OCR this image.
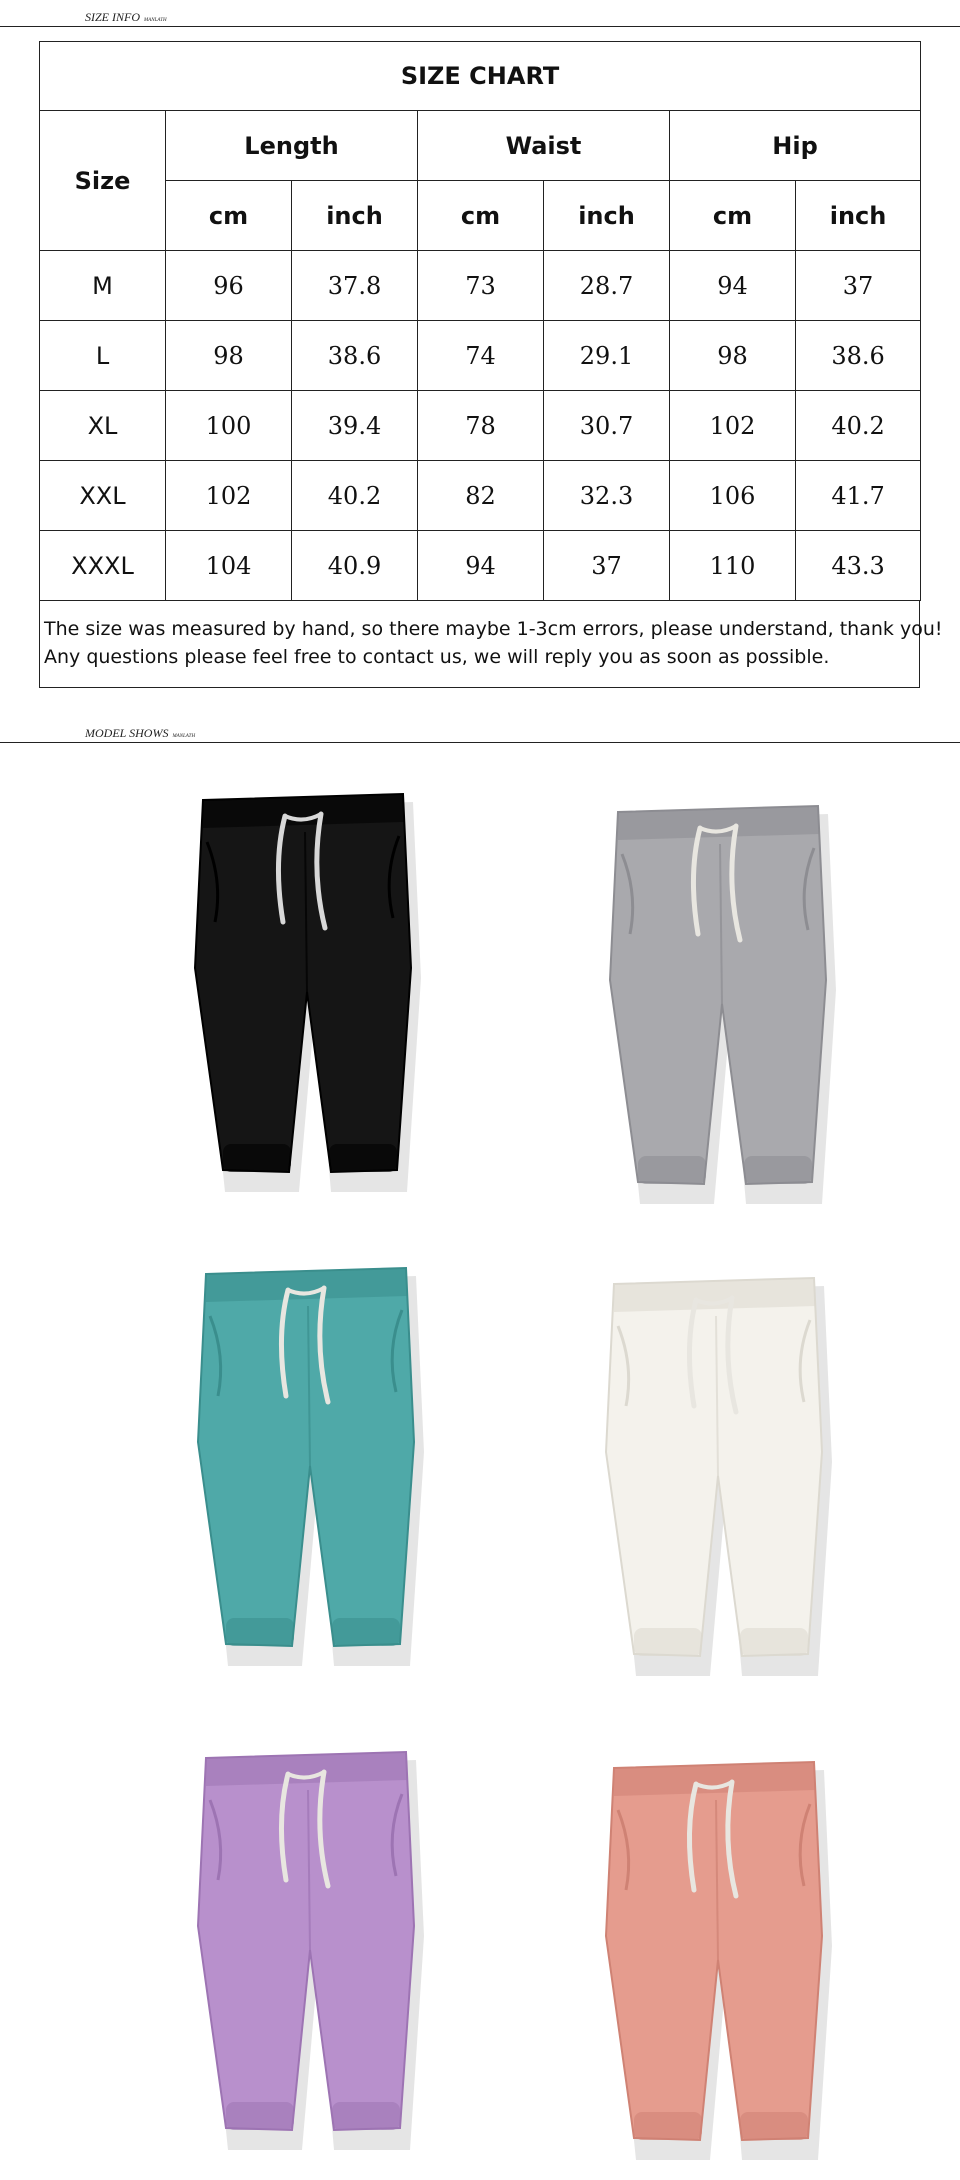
SIZE INFO MANLATH
SIZE CHART						
Size	Length		Waist		Hip	
	cm	inch	cm	inch	cm	inch
M	96	37.8	73	28.7	94	37
L	98	38.6	74	29.1	98	38.6
XL	100	39.4	78	30.7	102	40.2
XXL	102	40.2	82	32.3	106	41.7
XXXL	104	40.9	94	37	110	43.3
The size was measured by hand, so there maybe 1-3cm errors, please understand, thank you!
Any questions please feel free to contact us, we will reply you as soon as possible.
MODEL SHOWS MANLATH
